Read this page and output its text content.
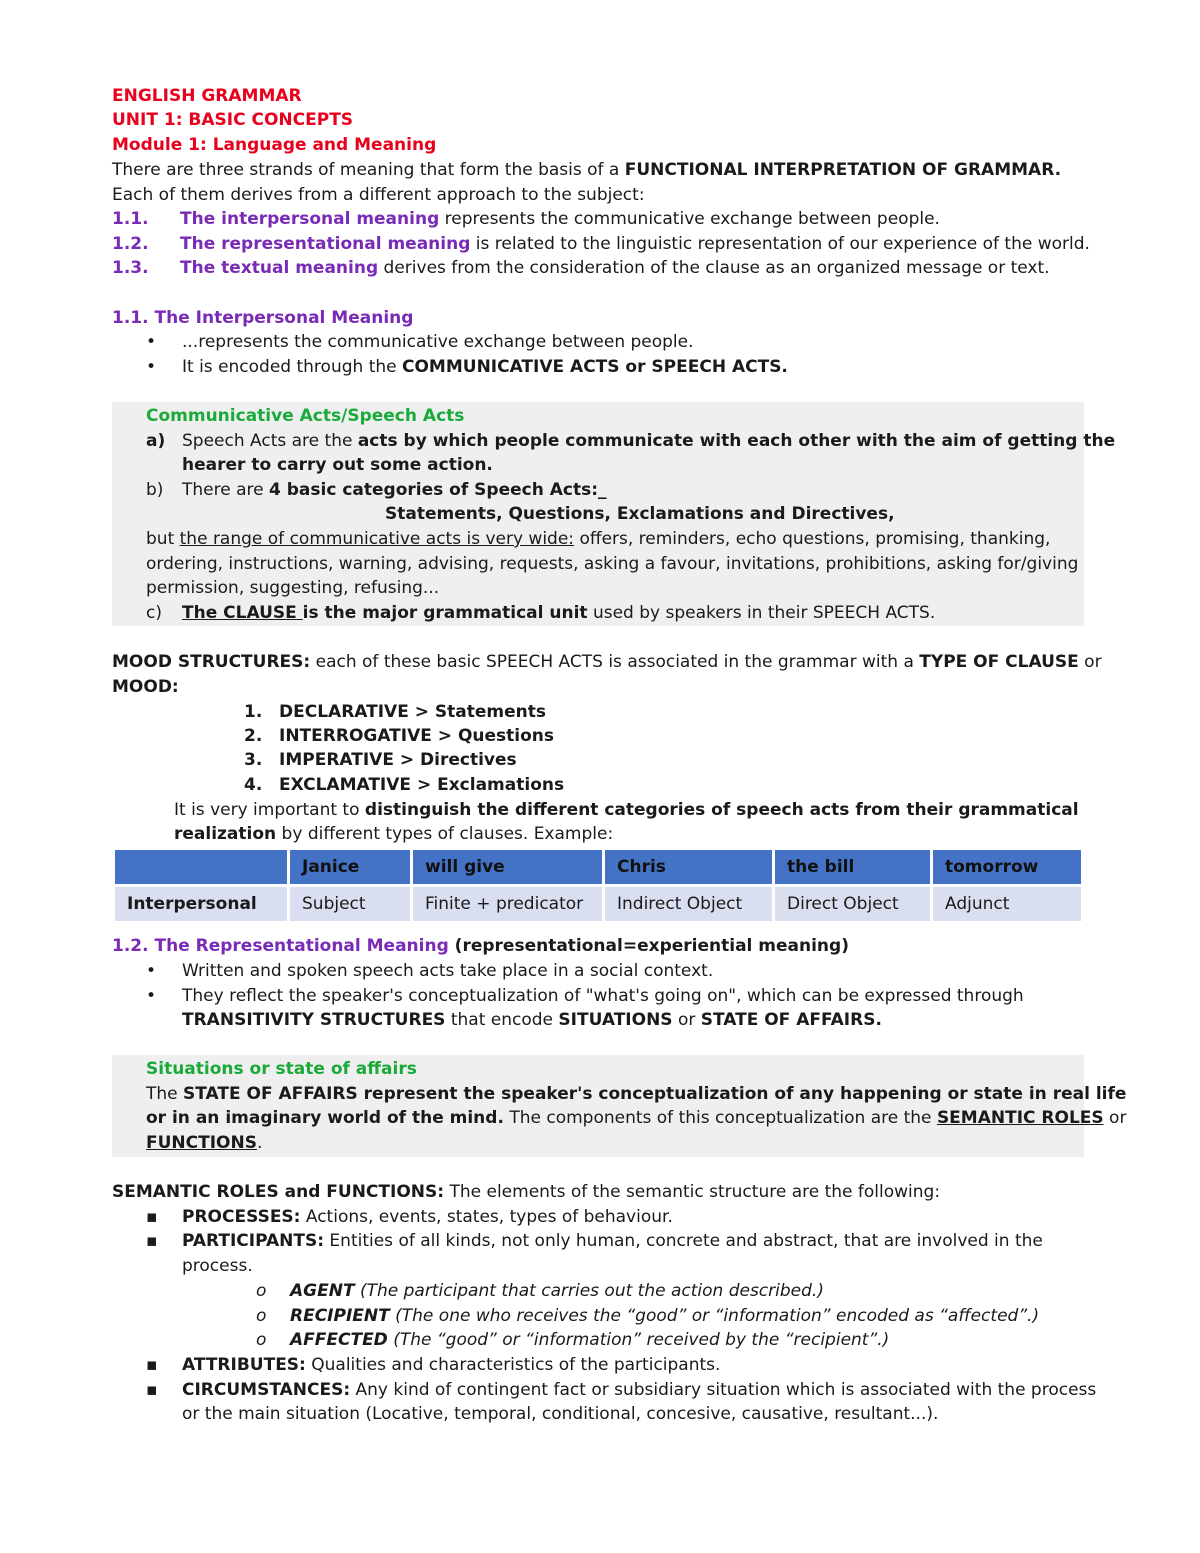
ENGLISH GRAMMAR
UNIT 1: BASIC CONCEPTS
Module 1: Language and Meaning
There are three strands of meaning that form the basis of a FUNCTIONAL INTERPRETATION OF GRAMMAR.
Each of them derives from a different approach to the subject:
1.1. The interpersonal meaning represents the communicative exchange between people.
1.2. The representational meaning is related to the linguistic representation of our experience of the world.
1.3. The textual meaning derives from the consideration of the clause as an organized message or text.
1.1. The Interpersonal Meaning
• ...represents the communicative exchange between people.
• It is encoded through the COMMUNICATIVE ACTS or SPEECH ACTS.
Communicative Acts/Speech Acts
a) Speech Acts are the acts by which people communicate with each other with the aim of getting the
hearer to carry out some action.
b) There are 4 basic categories of Speech Acts:_
Statements, Questions, Exclamations and Directives,
but the range of communicative acts is very wide: offers, reminders, echo questions, promising, thanking,
ordering, instructions, warning, advising, requests, asking a favour, invitations, prohibitions, asking for/giving
permission, suggesting, refusing...
c) The CLAUSE is the major grammatical unit used by speakers in their SPEECH ACTS.
MOOD STRUCTURES: each of these basic SPEECH ACTS is associated in the grammar with a TYPE OF CLAUSE or
MOOD:
1. DECLARATIVE > Statements
2. INTERROGATIVE > Questions
3. IMPERATIVE > Directives
4. EXCLAMATIVE > Exclamations
It is very important to distinguish the different categories of speech acts from their grammatical
realization by different types of clauses. Example:
	Janice	will give	Chris	the bill	tomorrow
Interpersonal	Subject	Finite + predicator	Indirect Object	Direct Object	Adjunct
1.2. The Representational Meaning (representational=experiential meaning)
• Written and spoken speech acts take place in a social context.
• They reflect the speaker's conceptualization of "what's going on", which can be expressed through
TRANSITIVITY STRUCTURES that encode SITUATIONS or STATE OF AFFAIRS.
Situations or state of affairs
The STATE OF AFFAIRS represent the speaker's conceptualization of any happening or state in real life
or in an imaginary world of the mind. The components of this conceptualization are the SEMANTIC ROLES or
FUNCTIONS.
SEMANTIC ROLES and FUNCTIONS: The elements of the semantic structure are the following:
▪ PROCESSES: Actions, events, states, types of behaviour.
▪ PARTICIPANTS: Entities of all kinds, not only human, concrete and abstract, that are involved in the
process.
o AGENT (The participant that carries out the action described.)
o RECIPIENT (The one who receives the “good” or “information” encoded as “affected”.)
o AFFECTED (The “good” or “information” received by the “recipient”.)
▪ ATTRIBUTES: Qualities and characteristics of the participants.
▪ CIRCUMSTANCES: Any kind of contingent fact or subsidiary situation which is associated with the process
or the main situation (Locative, temporal, conditional, concesive, causative, resultant...).
